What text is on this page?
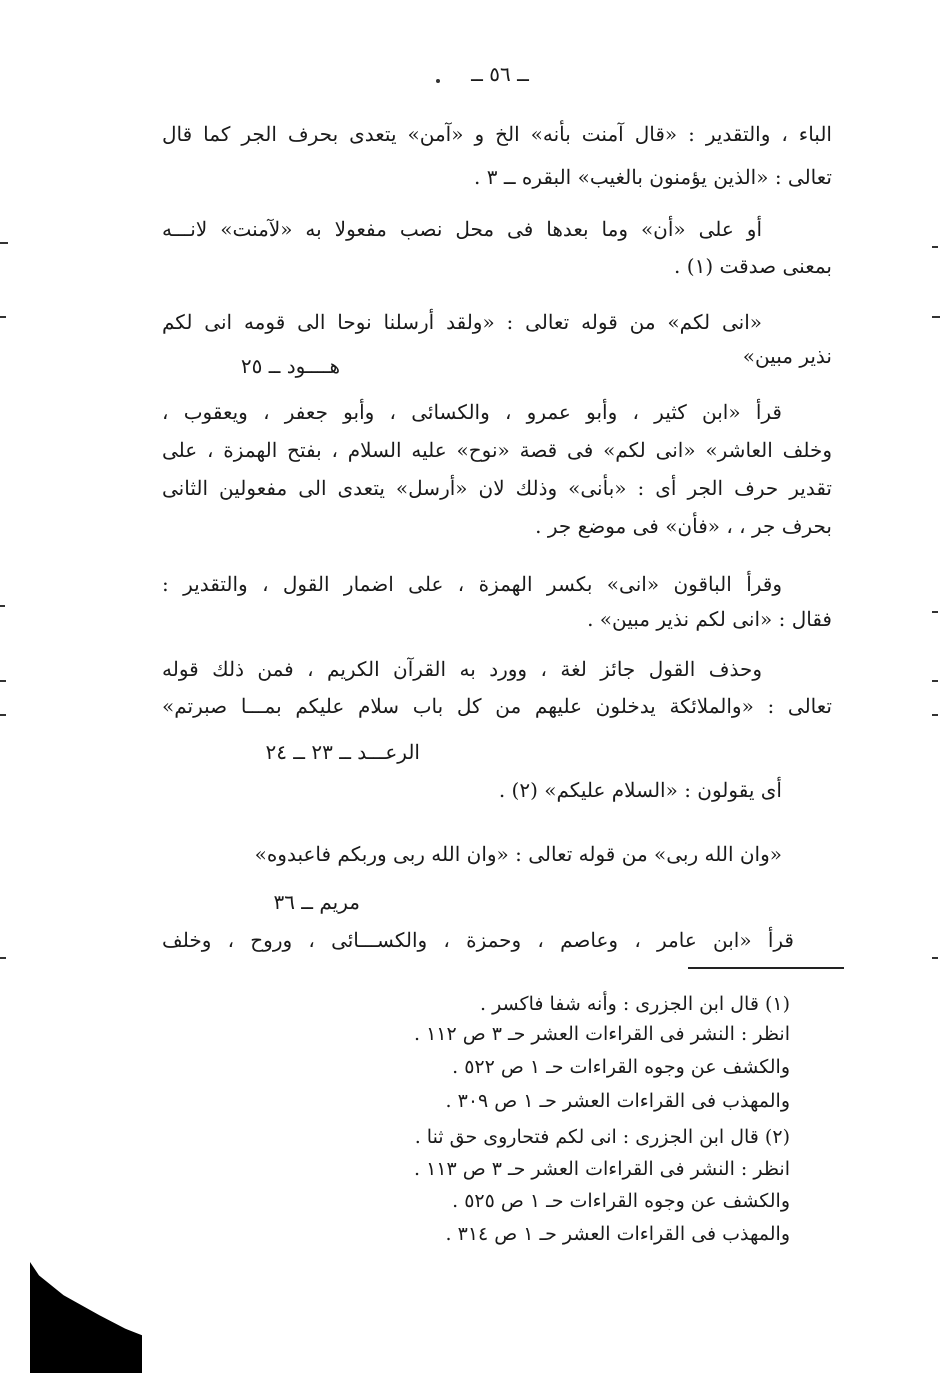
ــ ٥٦ ــ
الباء ، والتقدير : «قال آمنت بأنه» الخ و «آمن» يتعدى بحرف الجر كما قال
تعالى : «الذين يؤمنون بالغيب» البقره ــ ٣ .
أو على «أن» وما بعدها فى محل نصب مفعولا به «لآمنت» لانـــه
بمعنى صدقت (١) .
«انى لكم» من قوله تعالى : «ولقد أرسلنا نوحا الى قومه انى لكم
نذير مبين»
هــــود ــ ٢٥
قرأ «ابن كثير ، وأبو عمرو ، والكسائى ، وأبو جعفر ، ويعقوب ،
وخلف العاشر» «انى لكم» فى قصة «نوح» عليه السلام ، بفتح الهمزة ، على
تقدير حرف الجر أى : «بأنى» وذلك لان «أرسل» يتعدى الى مفعولين الثانى
بحرف جر ، ، «فأن» فى موضع جر .
وقرأ الباقون «انى» بكسر الهمزة ، على اضمار القول ، والتقدير :
فقال : «انى لكم نذير مبين» .
وحذف القول جائز لغة ، وورد به القرآن الكريم ، فمن ذلك قوله
تعالى : «والملائكة يدخلون عليهم من كل باب سلام عليكم بمـــا صبرتم»
الرعـــد ــ ٢٣ ــ ٢٤
أى يقولون : «السلام عليكم» (٢) .
«وان الله ربى» من قوله تعالى : «وان الله ربى وربكم فاعبدوه»
مريم ــ ٣٦
قرأ «ابن عامر ، وعاصم ، وحمزة ، والكســـائى ، وروح ، وخلف
(١) قال ابن الجزرى : وأنه شفا فاكسر .
انظر : النشر فى القراءات العشر حـ ٣ ص ١١٢ .
والكشف عن وجوه القراءات حـ ١ ص ٥٢٢ .
والمهذب فى القراءات العشر حـ ١ ص ٣٠٩ .
(٢) قال ابن الجزرى : انى لكم فتحاروى حق ثنا .
انظر : النشر فى القراءات العشر حـ ٣ ص ١١٣ .
والكشف عن وجوه القراءات حـ ١ ص ٥٢٥ .
والمهذب فى القراءات العشر حـ ١ ص ٣١٤ .
